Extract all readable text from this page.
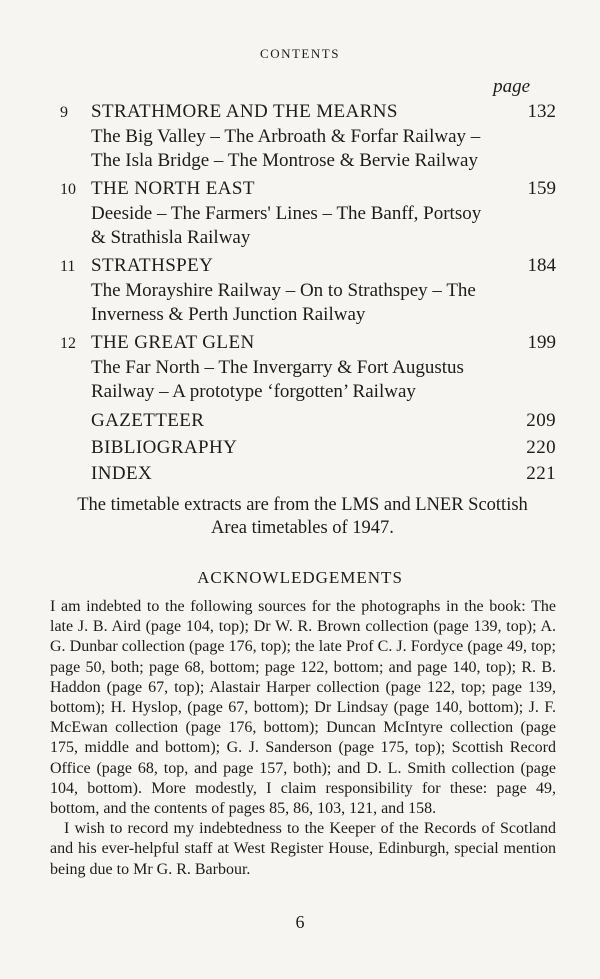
CONTENTS
page
9	STRATHMORE AND THE MEARNS	132
The Big Valley – The Arbroath & Forfar Railway –
The Isla Bridge – The Montrose & Bervie Railway
10 THE NORTH EAST	159
Deeside – The Farmers' Lines – The Banff, Portsoy
& Strathisla Railway
11 STRATHSPEY	184
The Morayshire Railway – On to Strathspey – The
Inverness & Perth Junction Railway
12 THE GREAT GLEN	199
The Far North – The Invergarry & Fort Augustus
Railway – A prototype ‘forgotten’ Railway
GAZETTEER	209
BIBLIOGRAPHY	220
INDEX	221
The timetable extracts are from the LMS and LNER Scottish
Area timetables of 1947.
ACKNOWLEDGEMENTS

I am indebted to the following sources for the photographs in the book: The late J. B. Aird (page 104, top); Dr W. R. Brown collection (page 139, top); A. G. Dunbar collection (page 176, top); the late Prof C. J. Fordyce (page 49, top; page 50, both; page 68, bottom; page 122, bottom; and page 140, top); R. B. Haddon (page 67, top); Alastair Harper collection (page 122, top; page 139, bottom); H. Hyslop, (page 67, bottom); Dr Lindsay (page 140, bottom); J. F. McEwan collection (page 176, bottom); Duncan McIntyre collection (page 175, middle and bottom); G. J. Sanderson (page 175, top); Scottish Record Office (page 68, top, and page 157, both); and D. L. Smith collection (page 104, bottom). More modestly, I claim responsibility for these: page 49, bottom, and the contents of pages 85, 86, 103, 121, and 158.

I wish to record my indebtedness to the Keeper of the Records of Scotland and his ever-helpful staff at West Register House, Edinburgh, special mention being due to Mr G. R. Barbour.

6
